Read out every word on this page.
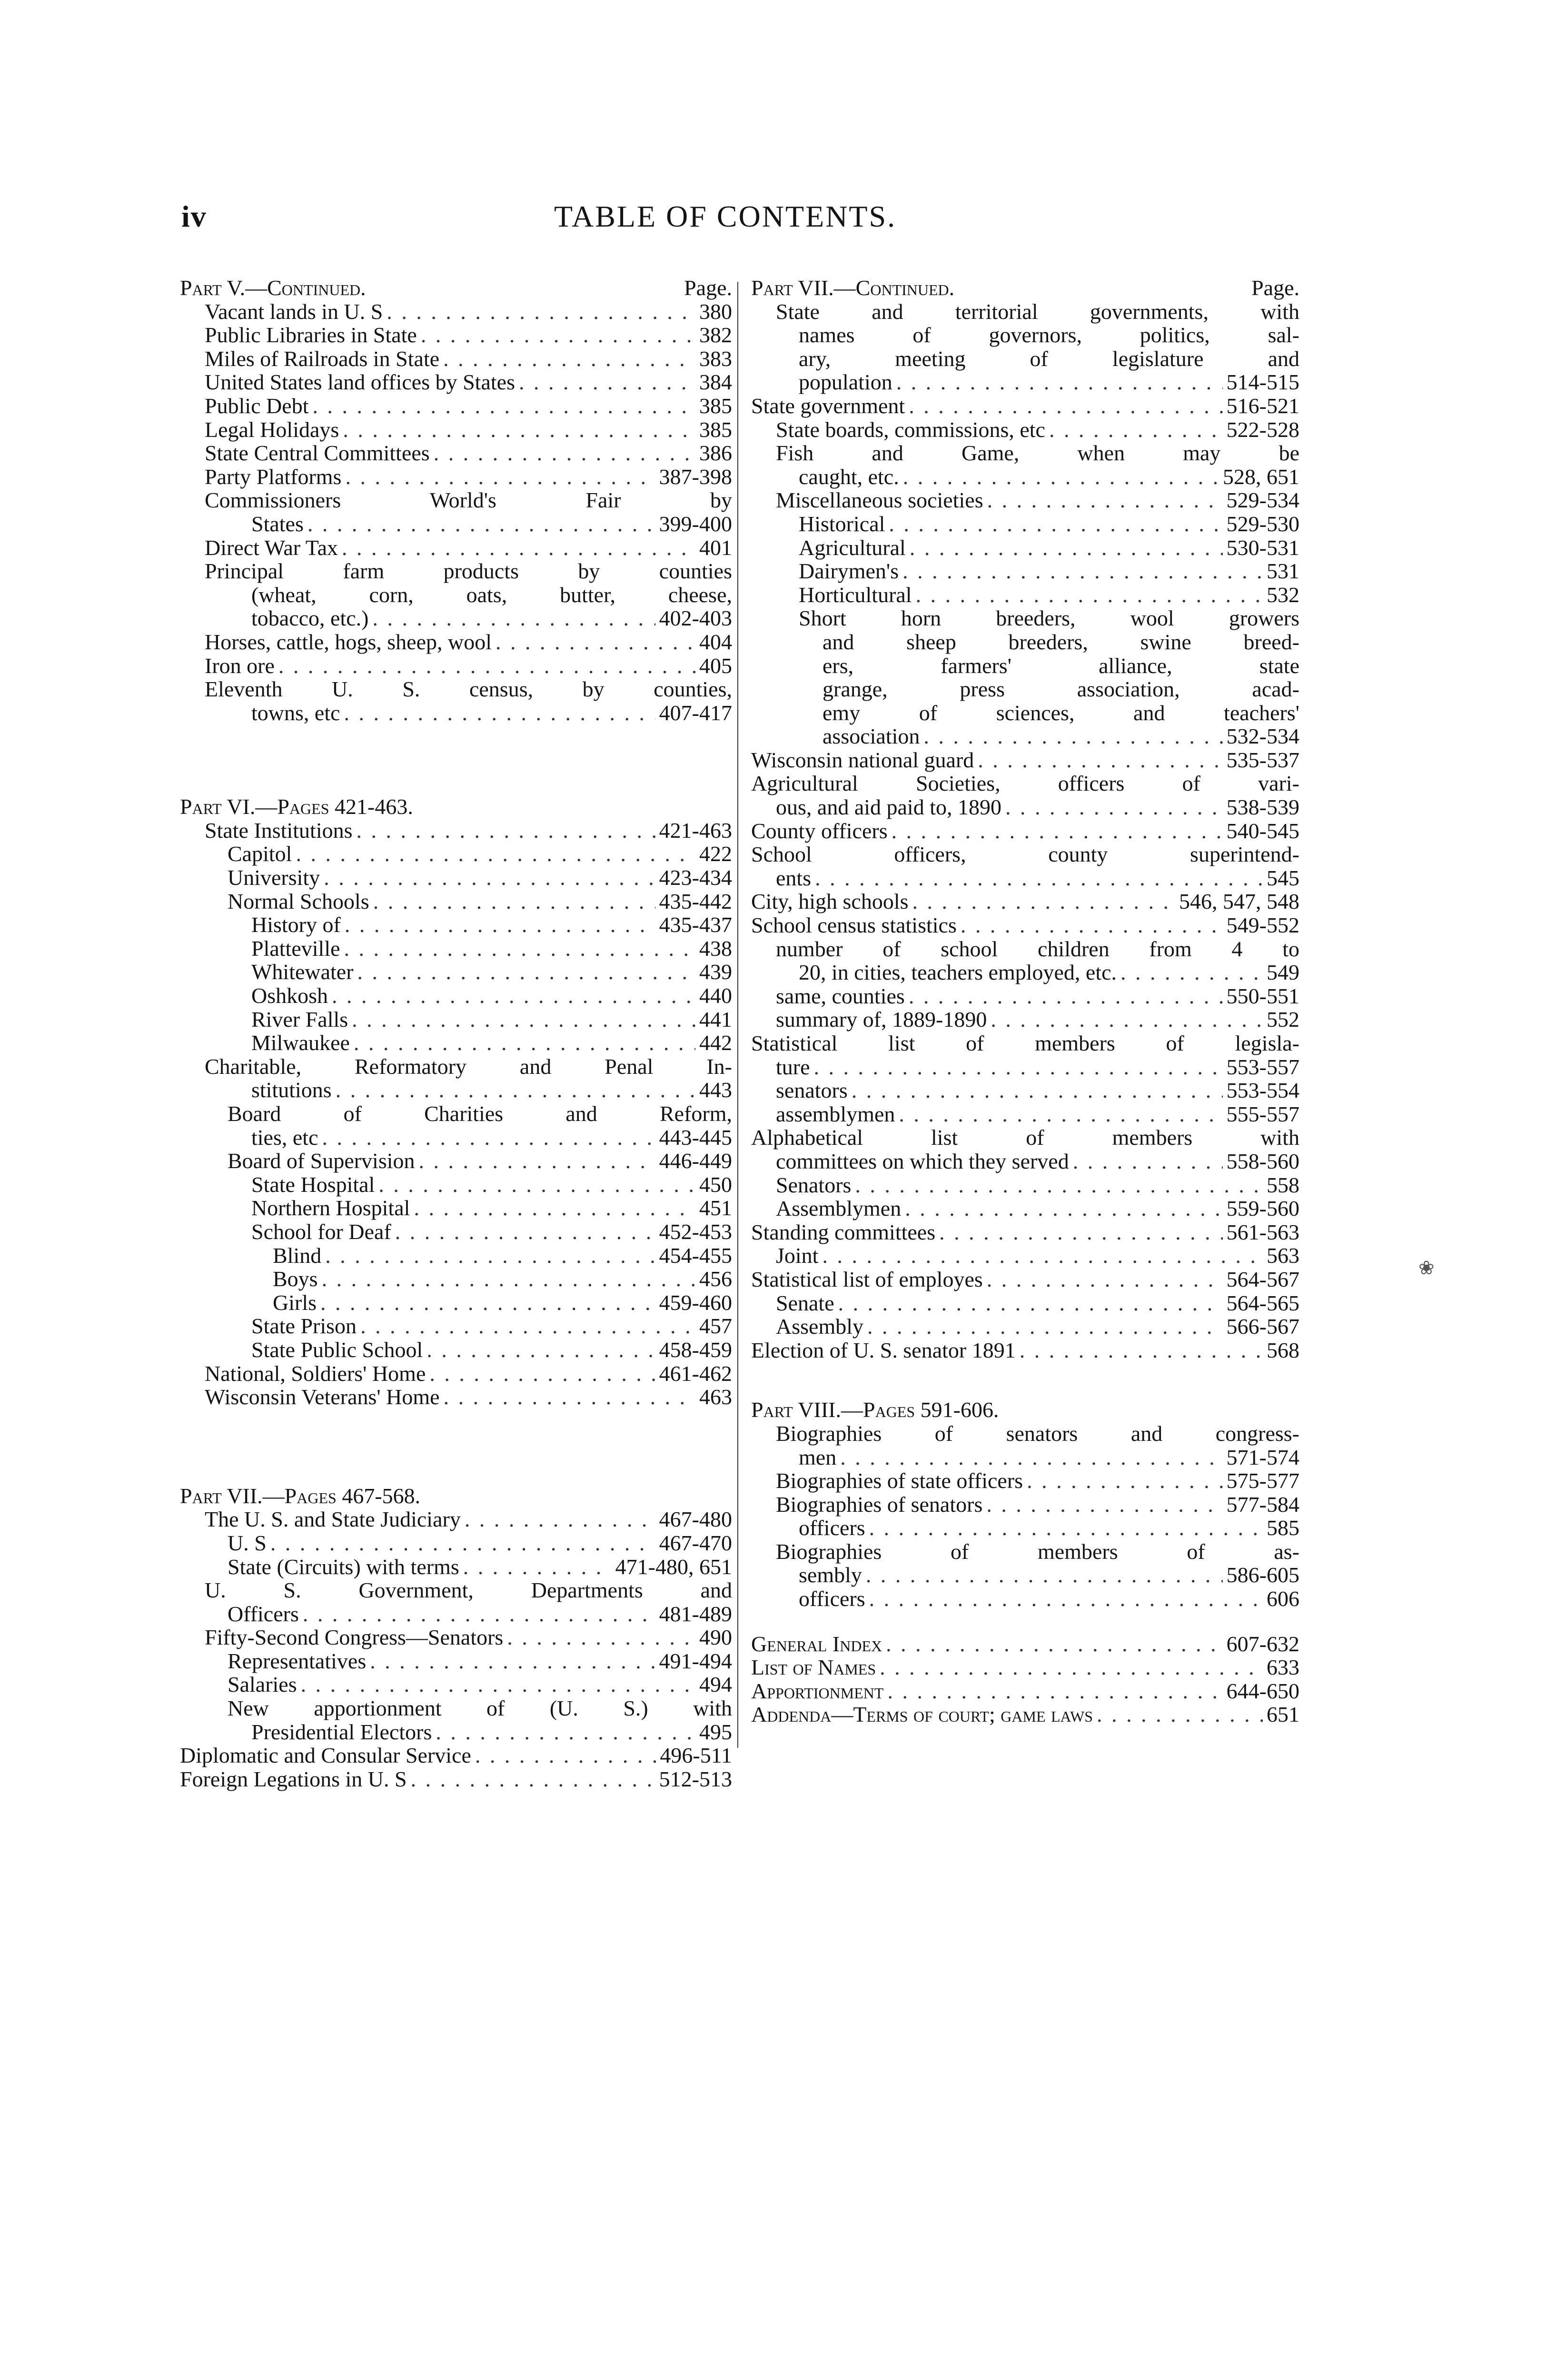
iv	TABLE OF CONTENTS.
Part V.—Continued.	Page.
Vacant lands in U. S . . .	380
Public Libraries in State . . .	382
Miles of Railroads in State . . .	383
United States land offices by States . . .	384
Public Debt . . .	385
Legal Holidays . . .	385
State Central Committees . . .	386
Party Platforms . . .	387-398
Commissioners World's Fair by
States . . .	399-400
Direct War Tax . . .	401
Principal farm products by counties
(wheat, corn, oats, butter, cheese,
tobacco, etc.) . . .	402-403
Horses, cattle, hogs, sheep, wool . . .	404
Iron ore . . .	405
Eleventh U. S. census, by counties,
towns, etc . . .	407-417
Part VI.—Pages 421-463.
State Institutions . . .	421-463
Capitol . . .	422
University . . .	423-434
Normal Schools . . .	435-442
History of . . .	435-437
Platteville . . .	438
Whitewater . . .	439
Oshkosh . . .	440
River Falls . . .	441
Milwaukee . . .	442
Charitable, Reformatory and Penal In-
stitutions . . .	443
Board of Charities and Reform,
ties, etc . . .	443-445
Board of Supervision . . .	446-449
State Hospital . . .	450
Northern Hospital . . .	451
School for Deaf . . .	452-453
Blind . . .	454-455
Boys . . .	456
Girls . . .	459-460
State Prison . . .	457
State Public School . . .	458-459
National, Soldiers' Home . . .	461-462
Wisconsin Veterans' Home . . .	463
Part VII.—Pages 467-568.
The U. S. and State Judiciary . . .	467-480
U. S . . .	467-470
State (Circuits) with terms . . .	471-480, 651
U. S. Government, Departments and
Officers . . .	481-489
Fifty-Second Congress—Senators . . .	490
Representatives . . .	491-494
Salaries . . .	494
New apportionment of (U. S.) with
Presidential Electors . . .	495
Diplomatic and Consular Service . . .	496-511
Foreign Legations in U. S . . .	512-513
Part VII.—Continued.	Page.
State and territorial governments, with
names of governors, politics, sal-
ary, meeting of legislature and
population . . .	514-515
State government . . .	516-521
State boards, commissions, etc . . .	522-528
Fish and Game, when may be
caught, etc. . . .	528, 651
Miscellaneous societies . . .	529-534
Historical . . .	529-530
Agricultural . . .	530-531
Dairymen's . . .	531
Horticultural . . .	532
Short horn breeders, wool growers
and sheep breeders, swine breed-
ers, farmers' alliance, state
grange, press association, acad-
emy of sciences, and teachers'
association . . .	532-534
Wisconsin national guard . . .	535-537
Agricultural Societies, officers of vari-
ous, and aid paid to, 1890 . . .	538-539
County officers . . .	540-545
School officers, county superintend-
ents . . .	545
City, high schools . . .	546, 547, 548
School census statistics . . .	549-552
number of school children from 4 to
20, in cities, teachers employed, etc. . . .	549
same, counties . . .	550-551
summary of, 1889-1890 . . .	552
Statistical list of members of legisla-
ture . . .	553-557
senators . . .	553-554
assemblymen . . .	555-557
Alphabetical list of members with
committees on which they served . . .	558-560
Senators . . .	558
Assemblymen . . .	559-560
Standing committees . . .	561-563
Joint . . .	563
Statistical list of employes . . .	564-567
Senate . . .	564-565
Assembly . . .	566-567
Election of U. S. senator 1891 . . .	568
Part VIII.—Pages 591-606.
Biographies of senators and congress-
men . . .	571-574
Biographies of state officers . . .	575-577
Biographies of senators . . .	577-584
officers . . .	585
Biographies of members of as-
sembly . . .	586-605
officers . . .	606
General Index . . .	607-632
List of Names . . .	633
Apportionment . . .	644-650
Addenda—Terms of court; game laws . . .	651
❀
